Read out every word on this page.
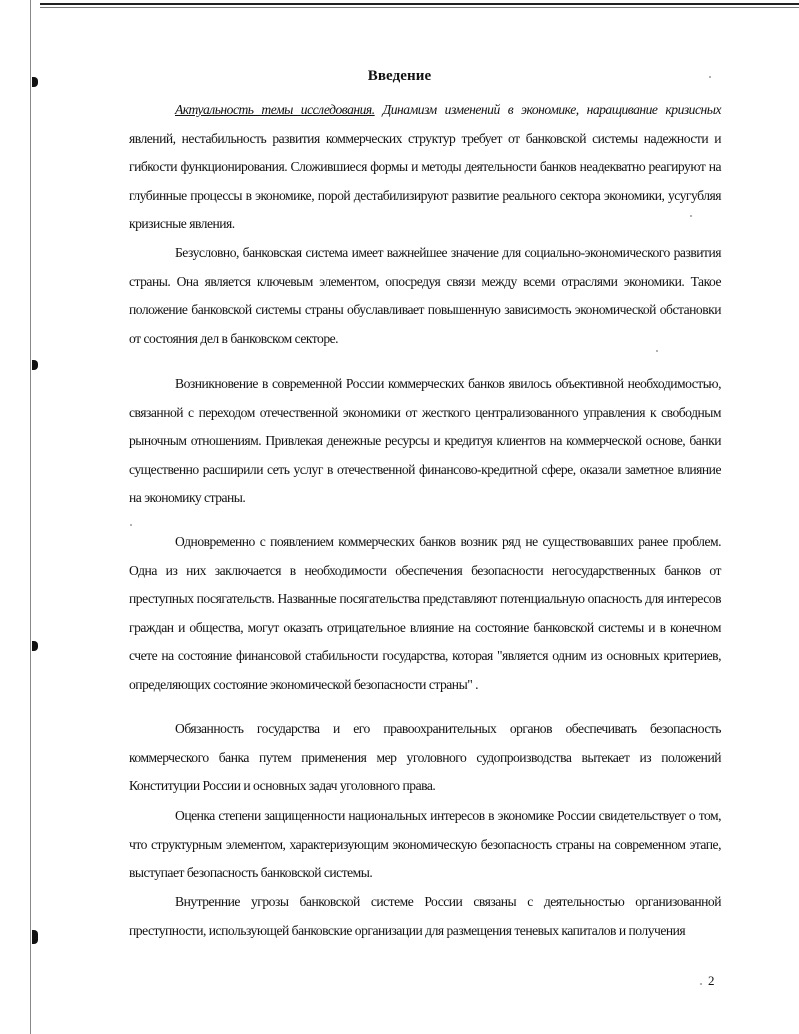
Введение

Актуальность темы исследования. Динамизм изменений в экономике, наращивание кризисных явлений, нестабильность развития коммерческих структур требует от банковской системы надежности и гибкости функционирования. Сложившиеся формы и методы деятельности банков неадекватно реагируют на глубинные процессы в экономике, порой дестабилизируют развитие реального сектора экономики, усугубляя кризисные явления.

Безусловно, банковская система имеет важнейшее значение для социально-экономического развития страны. Она является ключевым элементом, опосредуя связи между всеми отраслями экономики. Такое положение банковской системы страны обуславливает повышенную зависимость экономической обстановки от состояния дел в банковском секторе.

Возникновение в современной России коммерческих банков явилось объективной необходимостью, связанной с переходом отечественной экономики от жесткого централизованного управления к свободным рыночным отношениям. Привлекая денежные ресурсы и кредитуя клиентов на коммерческой основе, банки существенно расширили сеть услуг в отечественной финансово-кредитной сфере, оказали заметное влияние на экономику страны.

Одновременно с появлением коммерческих банков возник ряд не существовавших ранее проблем. Одна из них заключается в необходимости обеспечения безопасности негосударственных банков от преступных посягательств. Названные посягательства представляют потенциальную опасность для интересов граждан и общества, могут оказать отрицательное влияние на состояние банковской системы и в конечном счете на состояние финансовой стабильности государства, которая "является одним из основных критериев, определяющих состояние экономической безопасности страны" .

Обязанность государства и его правоохранительных органов обеспечивать безопасность коммерческого банка путем применения мер уголовного судопроизводства вытекает из положений Конституции России и основных задач уголовного права.

Оценка степени защищенности национальных интересов в экономике России свидетельствует о том, что структурным элементом, характеризующим экономическую безопасность страны на современном этапе, выступает безопасность банковской системы.

Внутренние угрозы банковской системе России связаны с деятельностью организованной преступности, использующей банковские организации для размещения теневых капиталов и получения

2
